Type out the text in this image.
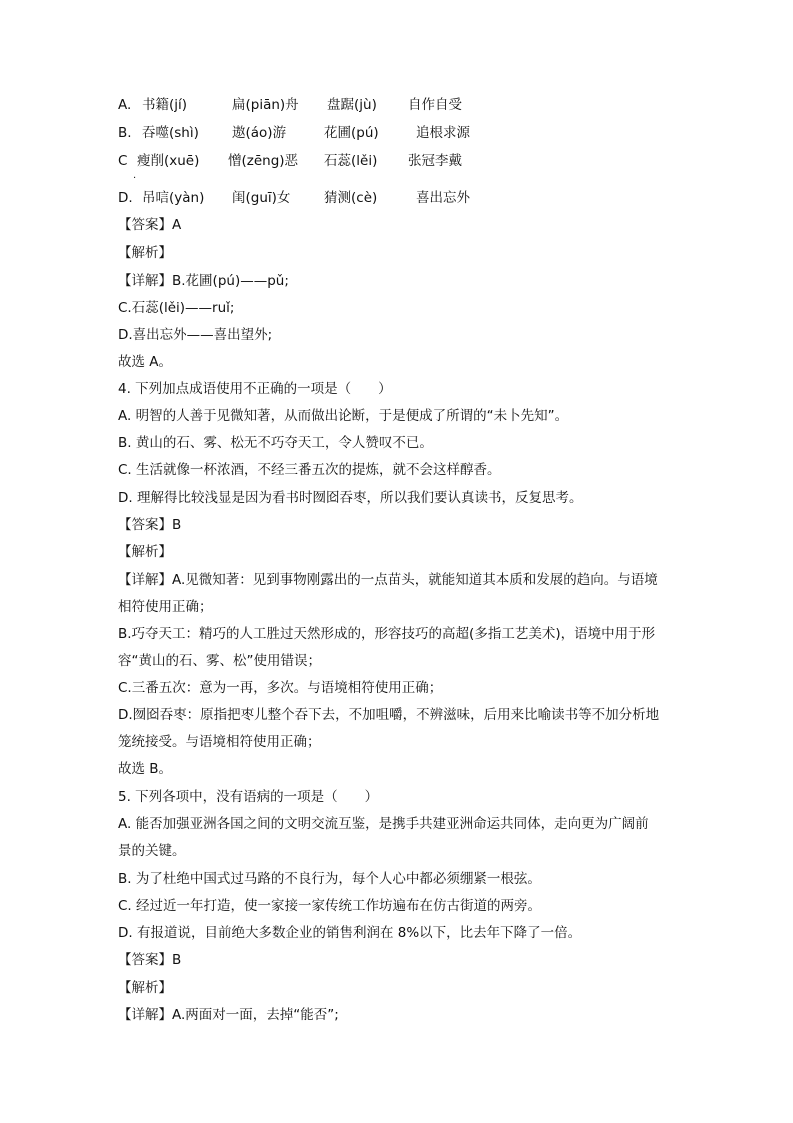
A. 书籍(jí)	扁(piān)舟 盘踞(jù) 自作自受
B. 吞噬(shì) 遨(áo)游	花圃(pú)	追根求源
C 瘦削(xuē) 憎(zēng)恶 石蕊(lěi) 张冠李戴
·
D. 吊唁(yàn) 闺(guī)女 猜测(cè)	喜出忘外
【答案】A
【解析】
【详解】B.花圃(pú)——pǔ;
C.石蕊(lěi)——ruǐ;
D.喜出忘外——喜出望外;
故选 A。
4. 下列加点成语使用不正确的一项是（　　）
A. 明智的人善于见微知著，从而做出论断，于是便成了所谓的“未卜先知”。
B. 黄山的石、雾、松无不巧夺天工，令人赞叹不已。
C. 生活就像一杯浓酒，不经三番五次的提炼，就不会这样醇香。
D. 理解得比较浅显是因为看书时囫囵吞枣，所以我们要认真读书，反复思考。
【答案】B
【解析】
【详解】A.见微知著：见到事物刚露出的一点苗头，就能知道其本质和发展的趋向。与语境
相符使用正确；
B.巧夺天工：精巧的人工胜过天然形成的，形容技巧的高超(多指工艺美术)，语境中用于形
容“黄山的石、雾、松”使用错误；
C.三番五次：意为一再，多次。与语境相符使用正确；
D.囫囵吞枣：原指把枣儿整个吞下去，不加咀嚼，不辨滋味，后用来比喻读书等不加分析地
笼统接受。与语境相符使用正确；
故选 B。
5. 下列各项中，没有语病的一项是（　　）
A. 能否加强亚洲各国之间的文明交流互鉴，是携手共建亚洲命运共同体，走向更为广阔前
景的关键。
B. 为了杜绝中国式过马路的不良行为，每个人心中都必须绷紧一根弦。
C. 经过近一年打造，使一家接一家传统工作坊遍布在仿古街道的两旁。
D. 有报道说，目前绝大多数企业的销售利润在 8%以下，比去年下降了一倍。
【答案】B
【解析】
【详解】A.两面对一面，去掉“能否”;
